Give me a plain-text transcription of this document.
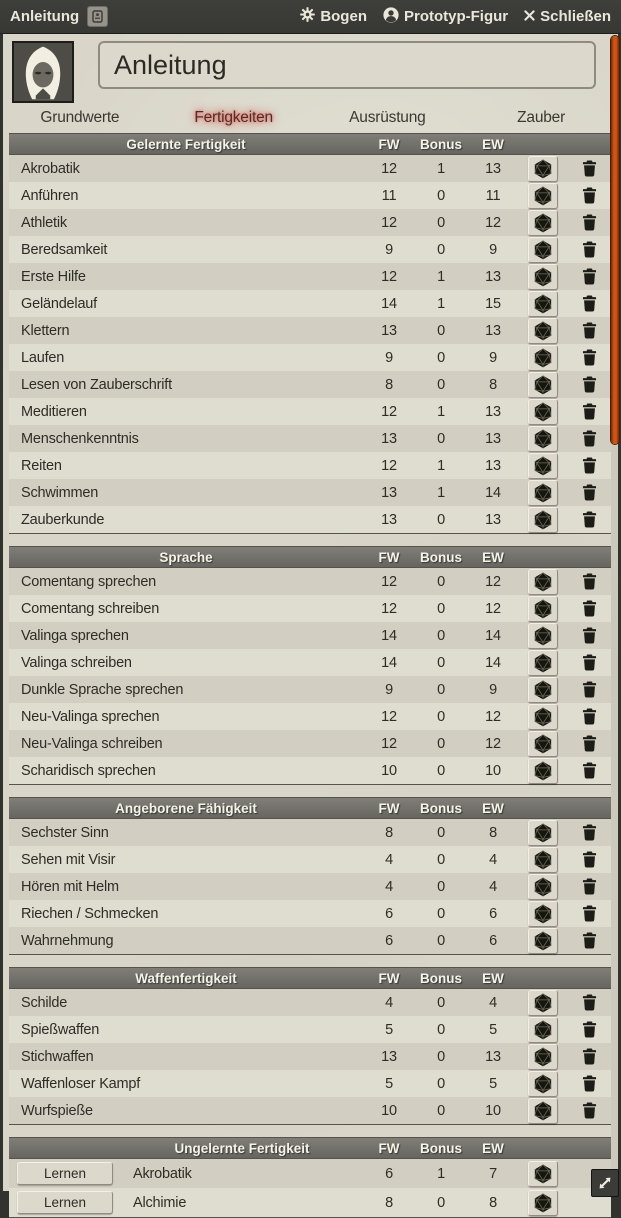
Anleitung	Bogen Prototyp-Figur Schließen
Anleitung
Grundwerte	Fertigkeiten	Ausrüstung	Zauber
Gelernte Fertigkeit	FW	Bonus	EW
Akrobatik	12	1	13
Anführen	11	0	11
Athletik	12	0	12
Beredsamkeit	9	0	9
Erste Hilfe	12	1	13
Geländelauf	14	1	15
Klettern	13	0	13
Laufen	9	0	9
Lesen von Zauberschrift	8	0	8
Meditieren	12	1	13
Menschenkenntnis	13	0	13
Reiten	12	1	13
Schwimmen	13	1	14
Zauberkunde	13	0	13
Sprache	FW	Bonus	EW
Comentang sprechen	12	0	12
Comentang schreiben	12	0	12
Valinga sprechen	14	0	14
Valinga schreiben	14	0	14
Dunkle Sprache sprechen	9	0	9
Neu-Valinga sprechen	12	0	12
Neu-Valinga schreiben	12	0	12
Scharidisch sprechen	10	0	10
Angeborene Fähigkeit	FW	Bonus	EW
Sechster Sinn	8	0	8
Sehen mit Visir	4	0	4
Hören mit Helm	4	0	4
Riechen / Schmecken	6	0	6
Wahrnehmung	6	0	6
Waffenfertigkeit	FW	Bonus	EW
Schilde	4	0	4
Spießwaffen	5	0	5
Stichwaffen	13	0	13
Waffenloser Kampf	5	0	5
Wurfspieße	10	0	10
Ungelernte Fertigkeit	FW	Bonus	EW
Lernen	Akrobatik	6	1	7
Lernen	Alchimie	8	0	8
